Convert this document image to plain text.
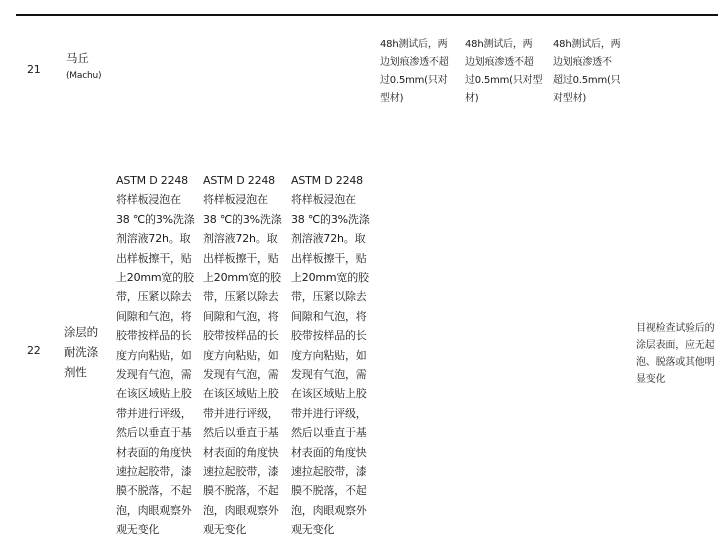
21
马丘
(Machu)
48h测试后，两
边划痕渗透不超
过0.5mm(只对
型材)
48h测试后，两
边划痕渗透不超
过0.5mm(只对型
材)
48h测试后，两
边划痕渗透不
超过0.5mm(只
对型材)
22
涂层的
耐洗涤
剂性
ASTM D 2248
将样板浸泡在
38 ℃的3%洗涤
剂溶液72h。取
出样板擦干，贴
上20mm宽的胶
带，压紧以除去
间隙和气泡，将
胶带按样品的长
度方向粘贴，如
发现有气泡，需
在该区域贴上胶
带并进行评级，
然后以垂直于基
材表面的角度快
速拉起胶带，漆
膜不脱落，不起
泡，肉眼观察外
观无变化
ASTM D 2248
将样板浸泡在
38 ℃的3%洗涤
剂溶液72h。取
出样板擦干，贴
上20mm宽的胶
带，压紧以除去
间隙和气泡，将
胶带按样品的长
度方向粘贴，如
发现有气泡，需
在该区域贴上胶
带并进行评级，
然后以垂直于基
材表面的角度快
速拉起胶带，漆
膜不脱落，不起
泡，肉眼观察外
观无变化
ASTM D 2248
将样板浸泡在
38 ℃的3%洗涤
剂溶液72h。取
出样板擦干，贴
上20mm宽的胶
带，压紧以除去
间隙和气泡，将
胶带按样品的长
度方向粘贴，如
发现有气泡，需
在该区域贴上胶
带并进行评级，
然后以垂直于基
材表面的角度快
速拉起胶带，漆
膜不脱落，不起
泡，肉眼观察外
观无变化
目视检查试验后的
涂层表面，应无起
泡、脱落或其他明
显变化
